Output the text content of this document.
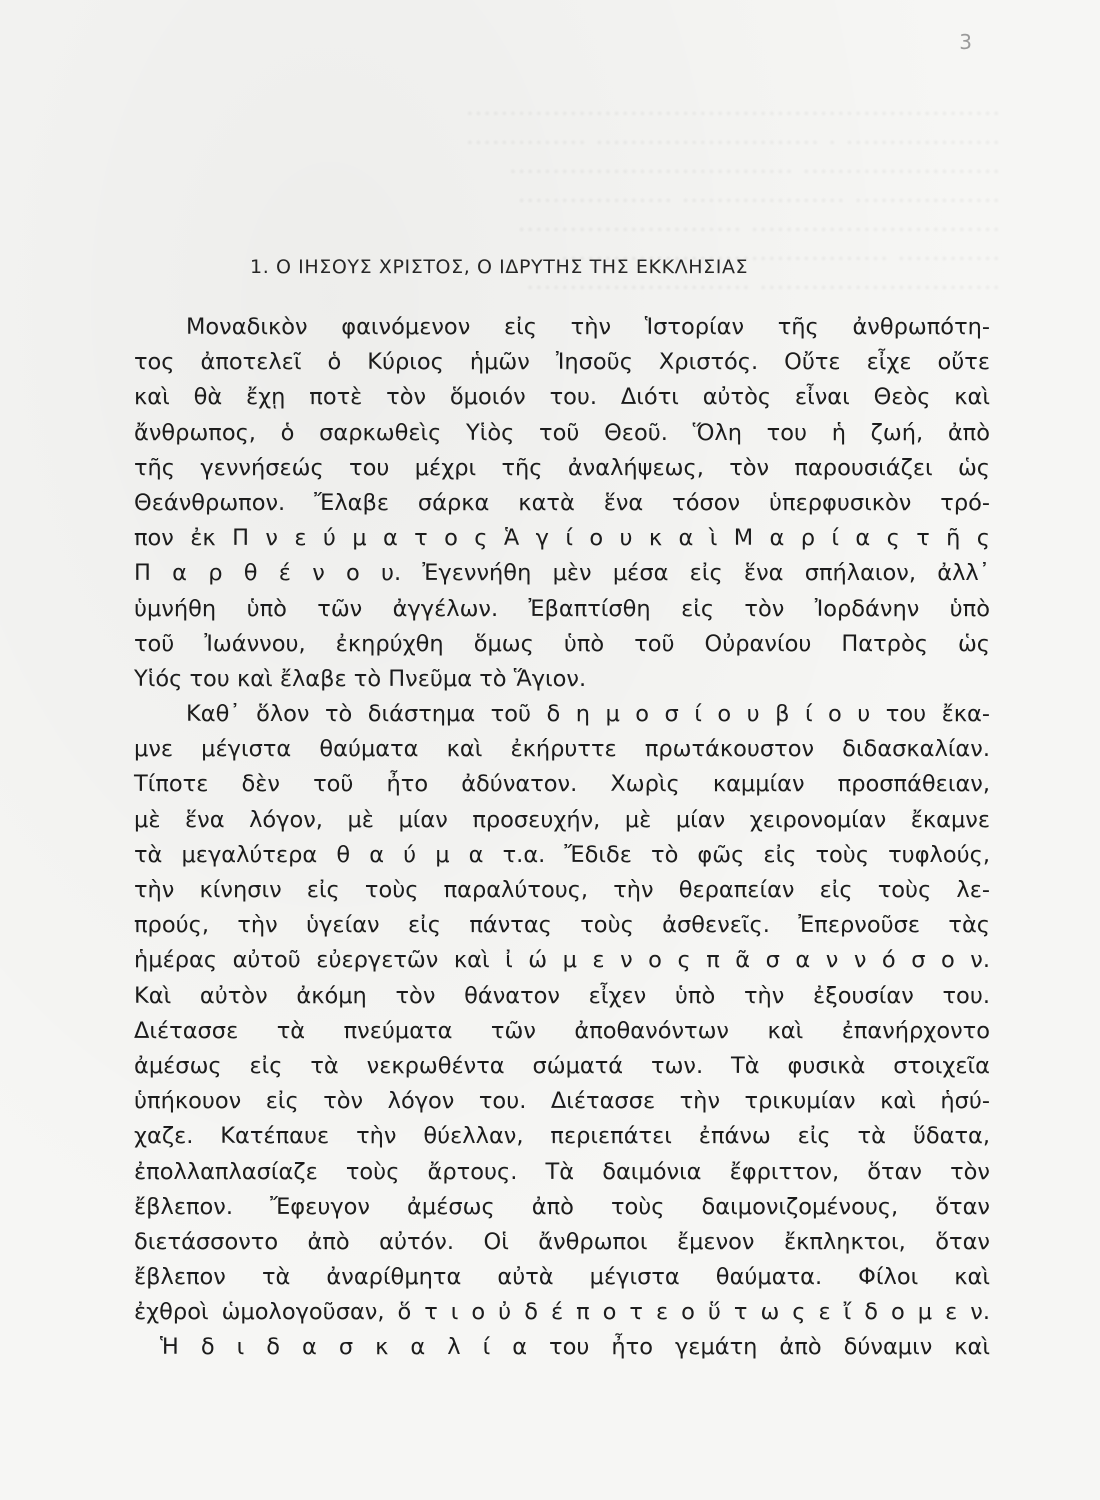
3
······························································
·················· · ·························· ··············
······················· ·································
················· ··················· ··················
····························· ··························
············ ······································
···························· ··························
1. Ο ΙΗΣΟΥΣ ΧΡΙΣΤΟΣ, Ο ΙΔΡΥΤΗΣ ΤΗΣ ΕΚΚΛΗΣΙΑΣ
Μοναδικὸν φαινόμενον εἰς τὴν Ἱστορίαν τῆς ἀνθρωπότη-
τος ἀποτελεῖ ὁ Κύριος ἡμῶν Ἰησοῦς Χριστός. Οὔτε εἶχε οὔτε
καὶ θὰ ἔχῃ ποτὲ τὸν ὅμοιόν του. Διότι αὐτὸς εἶναι Θεὸς καὶ
ἄνθρωπος, ὁ σαρκωθεὶς Υἱὸς τοῦ Θεοῦ. Ὅλη του ἡ ζωή, ἀπὸ
τῆς γεννήσεώς του μέχρι τῆς ἀναλήψεως, τὸν παρουσιάζει ὡς
Θεάνθρωπον. Ἔλαβε σάρκα κατὰ ἕνα τόσον ὑπερφυσικὸν τρό-
πον ἐκ Π ν ε ύ μ α τ ο ς Ἁ γ ί ο υ κ α ὶ Μ α ρ ί α ς τ ῆ ς
Π α ρ θ έ ν ο υ. Ἐγεννήθη μὲν μέσα εἰς ἕνα σπήλαιον, ἀλλ᾽
ὑμνήθη ὑπὸ τῶν ἀγγέλων. Ἐβαπτίσθη εἰς τὸν Ἰορδάνην ὑπὸ
τοῦ Ἰωάννου, ἐκηρύχθη ὅμως ὑπὸ τοῦ Οὐρανίου Πατρὸς ὡς
Υἱός του καὶ ἔλαβε τὸ Πνεῦμα τὸ Ἅγιον.
Καθ᾽ ὅλον τὸ διάστημα τοῦ δ η μ ο σ ί ο υ β ί ο υ του ἔκα-
μνε μέγιστα θαύματα καὶ ἐκήρυττε πρωτάκουστον διδασκαλίαν.
Τίποτε δὲν τοῦ ἦτο ἀδύνατον. Χωρὶς καμμίαν προσπάθειαν,
μὲ ἕνα λόγον, μὲ μίαν προσευχήν, μὲ μίαν χειρονομίαν ἔκαμνε
τὰ μεγαλύτερα θ α ύ μ α τ.α. Ἔδιδε τὸ φῶς εἰς τοὺς τυφλούς,
τὴν κίνησιν εἰς τοὺς παραλύτους, τὴν θεραπείαν εἰς τοὺς λε-
προύς, τὴν ὑγείαν εἰς πάντας τοὺς ἀσθενεῖς. Ἐπερνοῦσε τὰς
ἡμέρας αὐτοῦ εὐεργετῶν καὶ ἰ ώ μ ε ν ο ς π ᾶ σ α ν ν ό σ ο ν.
Καὶ αὐτὸν ἀκόμη τὸν θάνατον εἶχεν ὑπὸ τὴν ἐξουσίαν του.
Διέτασσε τὰ πνεύματα τῶν ἀποθανόντων καὶ ἐπανήρχοντο
ἀμέσως εἰς τὰ νεκρωθέντα σώματά των. Τὰ φυσικὰ στοιχεῖα
ὑπήκουον εἰς τὸν λόγον του. Διέτασσε τὴν τρικυμίαν καὶ ἡσύ-
χαζε. Κατέπαυε τὴν θύελλαν, περιεπάτει ἐπάνω εἰς τὰ ὕδατα,
ἐπολλαπλασίαζε τοὺς ἄρτους. Τὰ δαιμόνια ἔφριττον, ὅταν τὸν
ἔβλεπον. Ἔφευγον ἀμέσως ἀπὸ τοὺς δαιμονιζομένους, ὅταν
διετάσσοντο ἀπὸ αὐτόν. Οἱ ἄνθρωποι ἔμενον ἔκπληκτοι, ὅταν
ἔβλεπον τὰ ἀναρίθμητα αὐτὰ μέγιστα θαύματα. Φίλοι καὶ
ἐχθροὶ ὡμολογοῦσαν, ὅ τ ι ο ὐ δ έ π ο τ ε ο ὕ τ ω ς ε ἴ δ ο μ ε ν.
Ἡ δ ι δ α σ κ α λ ί α του ἦτο γεμάτη ἀπὸ δύναμιν καὶ
